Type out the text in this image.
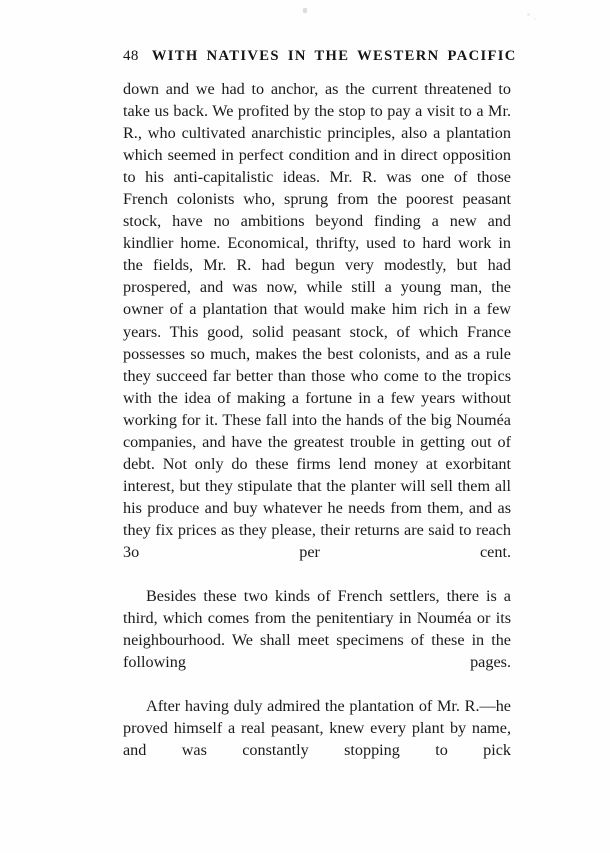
48 WITH NATIVES IN THE WESTERN PACIFIC

down and we had to anchor, as the current threatened to take us back. We profited by the stop to pay a visit to a Mr. R., who cultivated anarchistic principles, also a plantation which seemed in perfect condition and in direct opposition to his anti-capitalistic ideas. Mr. R. was one of those French colonists who, sprung from the poorest peasant stock, have no ambitions beyond finding a new and kindlier home. Economical, thrifty, used to hard work in the fields, Mr. R. had begun very modestly, but had prospered, and was now, while still a young man, the owner of a plantation that would make him rich in a few years. This good, solid peasant stock, of which France possesses so much, makes the best colonists, and as a rule they succeed far better than those who come to the tropics with the idea of making a fortune in a few years without working for it. These fall into the hands of the big Nouméa companies, and have the greatest trouble in getting out of debt. Not only do these firms lend money at exorbitant interest, but they stipulate that the planter will sell them all his produce and buy whatever he needs from them, and as they fix prices as they please, their returns are said to reach 3o per cent.

Besides these two kinds of French settlers, there is a third, which comes from the penitentiary in Nouméa or its neighbourhood. We shall meet specimens of these in the following pages.

After having duly admired the plantation of Mr. R.—he proved himself a real peasant, knew every plant by name, and was constantly stopping to pick
